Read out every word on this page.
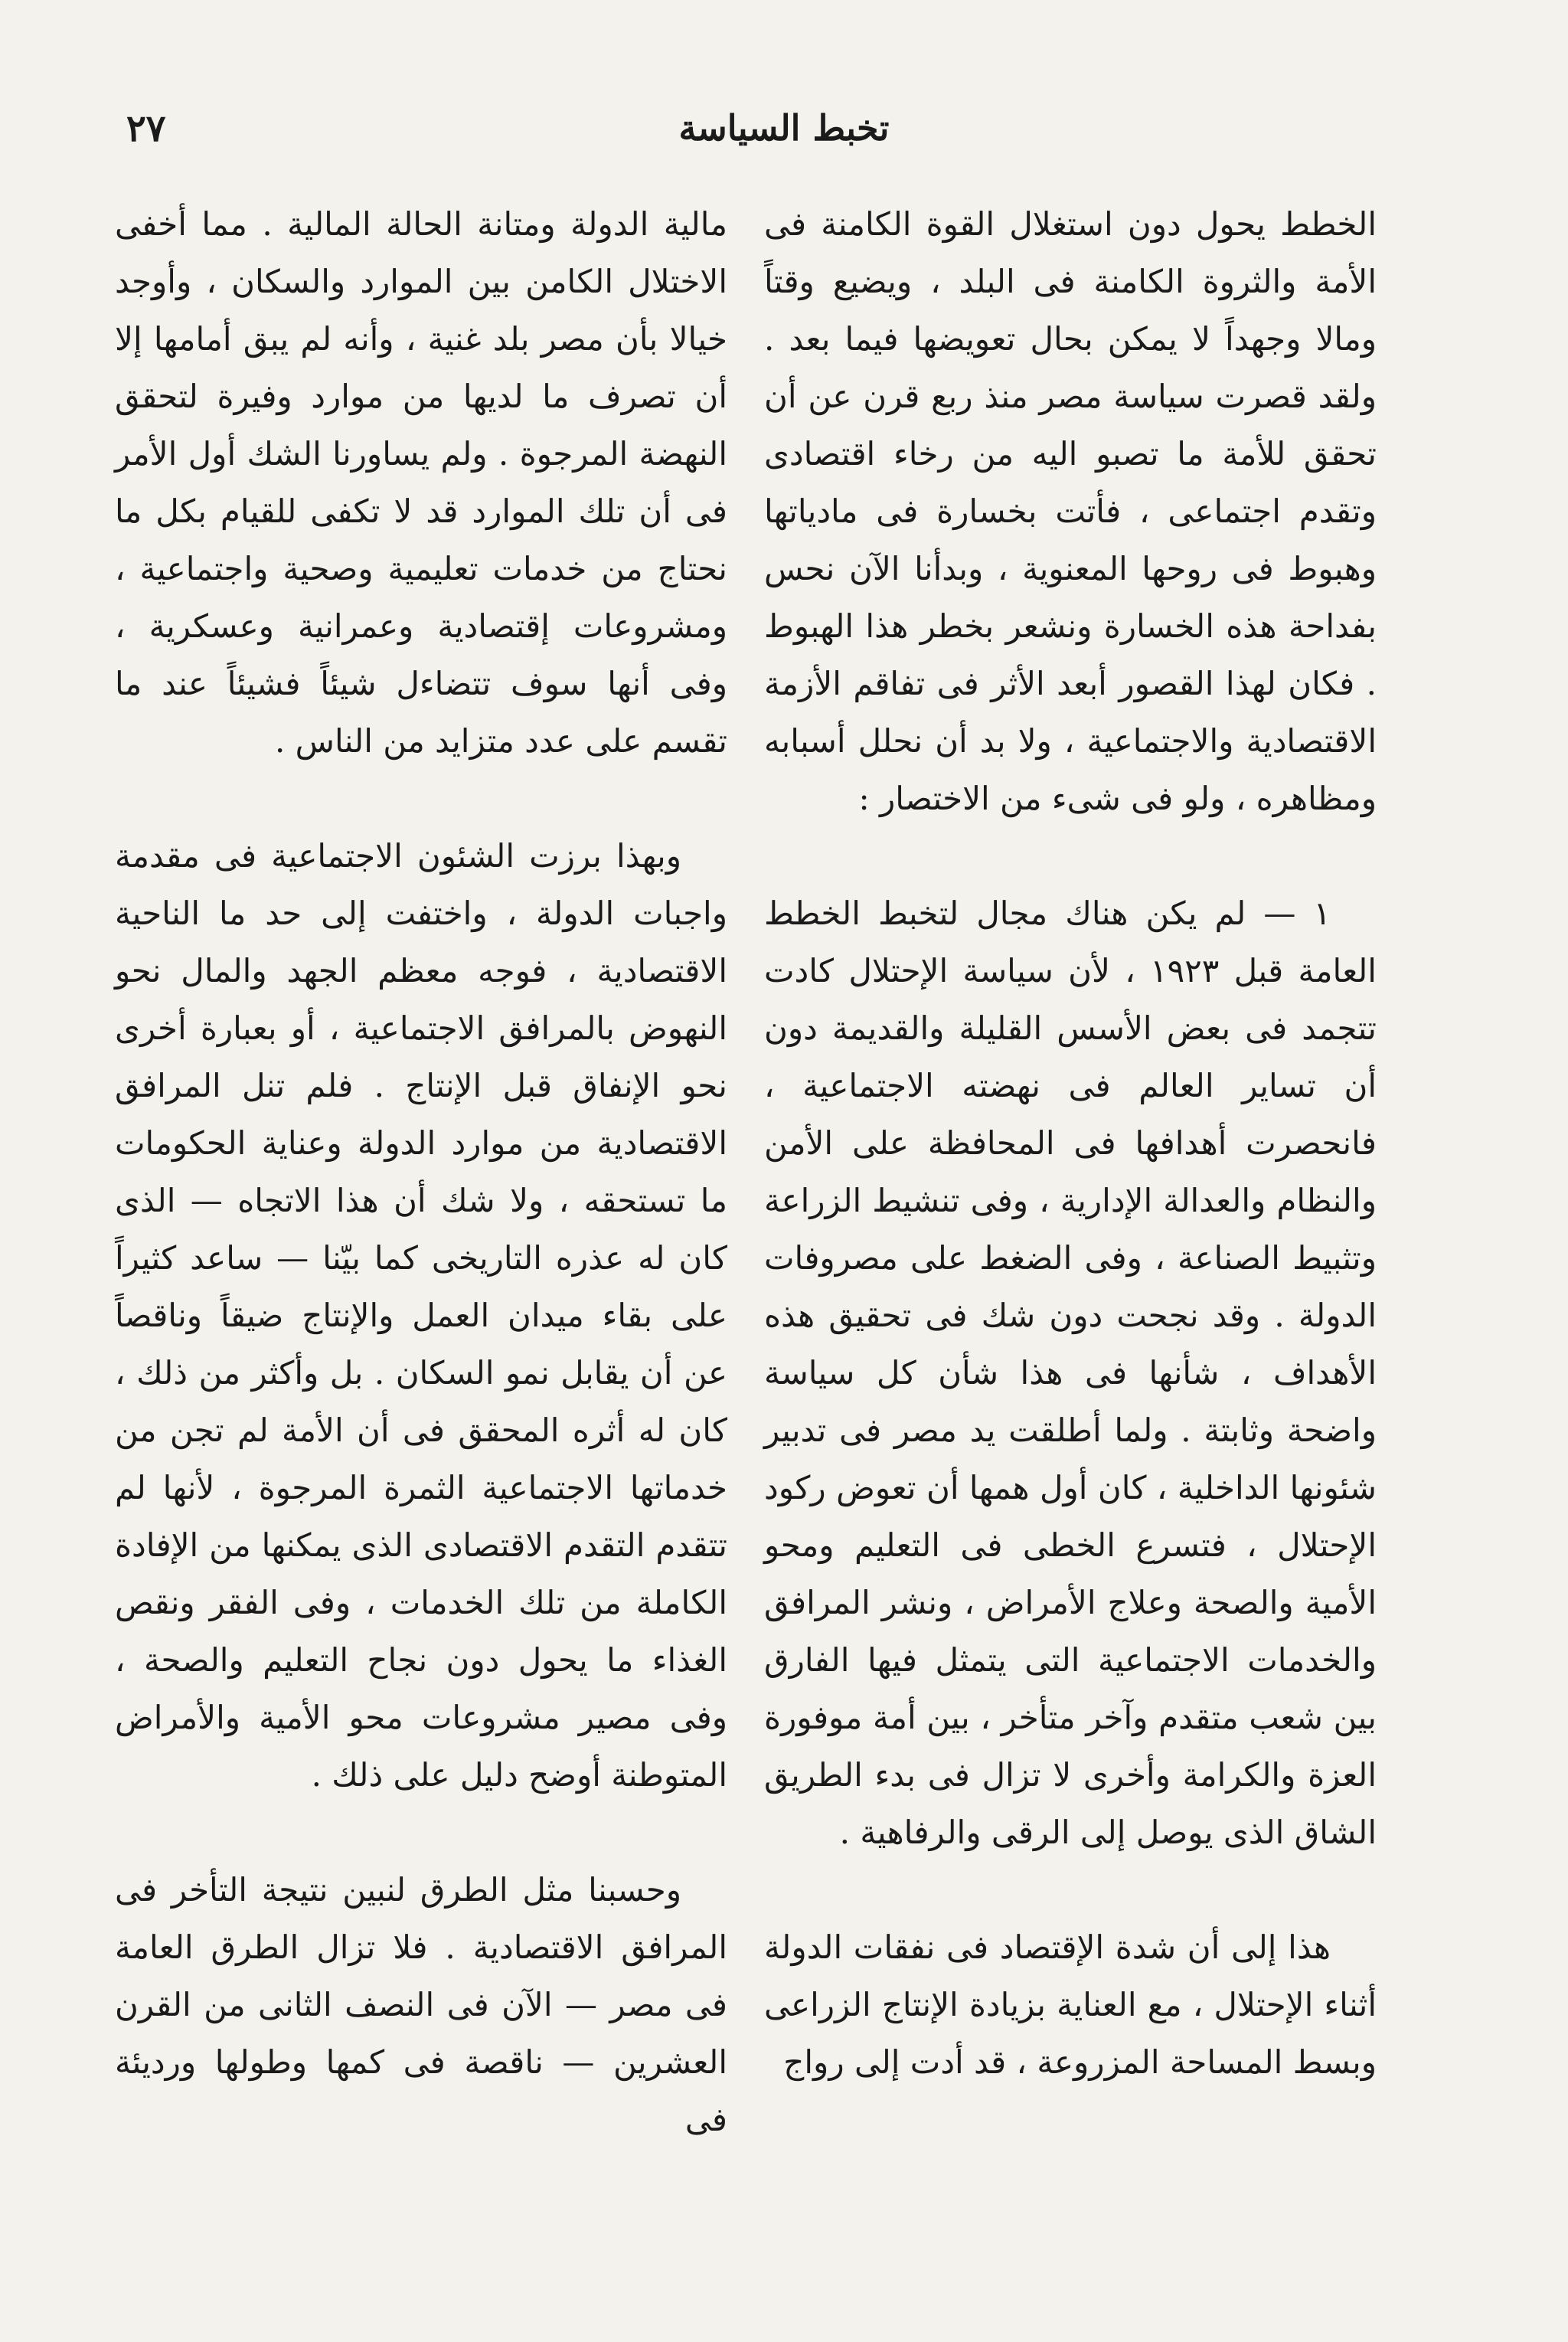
تخبط السياسة
٢٧

الخطط يحول دون استغلال القوة الكامنة فى الأمة والثروة الكامنة فى البلد ، ويضيع وقتاً ومالا وجهداً لا يمكن بحال تعويضها فيما بعد . ولقد قصرت سياسة مصر منذ ربع قرن عن أن تحقق للأمة ما تصبو اليه من رخاء اقتصادى وتقدم اجتماعى ، فأتت بخسارة فى مادياتها وهبوط فى روحها المعنوية ، وبدأنا الآن نحس بفداحة هذه الخسارة ونشعر بخطر هذا الهبوط . فكان لهذا القصور أبعد الأثر فى تفاقم الأزمة الاقتصادية والاجتماعية ، ولا بد أن نحلل أسبابه ومظاهره ، ولو فى شىء من الاختصار :

١ — لم يكن هناك مجال لتخبط الخطط العامة قبل ١٩٢٣ ، لأن سياسة الإحتلال كادت تتجمد فى بعض الأسس القليلة والقديمة دون أن تساير العالم فى نهضته الاجتماعية ، فانحصرت أهدافها فى المحافظة على الأمن والنظام والعدالة الإدارية ، وفى تنشيط الزراعة وتثبيط الصناعة ، وفى الضغط على مصروفات الدولة . وقد نجحت دون شك فى تحقيق هذه الأهداف ، شأنها فى هذا شأن كل سياسة واضحة وثابتة . ولما أطلقت يد مصر فى تدبير شئونها الداخلية ، كان أول همها أن تعوض ركود الإحتلال ، فتسرع الخطى فى التعليم ومحو الأمية والصحة وعلاج الأمراض ، ونشر المرافق والخدمات الاجتماعية التى يتمثل فيها الفارق بين شعب متقدم وآخر متأخر ، بين أمة موفورة العزة والكرامة وأخرى لا تزال فى بدء الطريق الشاق الذى يوصل إلى الرقى والرفاهية .

هذا إلى أن شدة الإقتصاد فى نفقات الدولة أثناء الإحتلال ، مع العناية بزيادة الإنتاج الزراعى وبسط المساحة المزروعة ، قد أدت إلى رواج

مالية الدولة ومتانة الحالة المالية . مما أخفى الاختلال الكامن بين الموارد والسكان ، وأوجد خيالا بأن مصر بلد غنية ، وأنه لم يبق أمامها إلا أن تصرف ما لديها من موارد وفيرة لتحقق النهضة المرجوة . ولم يساورنا الشك أول الأمر فى أن تلك الموارد قد لا تكفى للقيام بكل ما نحتاج من خدمات تعليمية وصحية واجتماعية ، ومشروعات إقتصادية وعمرانية وعسكرية ، وفى أنها سوف تتضاءل شيئاً فشيئاً عند ما تقسم على عدد متزايد من الناس .

وبهذا برزت الشئون الاجتماعية فى مقدمة واجبات الدولة ، واختفت إلى حد ما الناحية الاقتصادية ، فوجه معظم الجهد والمال نحو النهوض بالمرافق الاجتماعية ، أو بعبارة أخرى نحو الإنفاق قبل الإنتاج . فلم تنل المرافق الاقتصادية من موارد الدولة وعناية الحكومات ما تستحقه ، ولا شك أن هذا الاتجاه — الذى كان له عذره التاريخى كما بيّنا — ساعد كثيراً على بقاء ميدان العمل والإنتاج ضيقاً وناقصاً عن أن يقابل نمو السكان . بل وأكثر من ذلك ، كان له أثره المحقق فى أن الأمة لم تجن من خدماتها الاجتماعية الثمرة المرجوة ، لأنها لم تتقدم التقدم الاقتصادى الذى يمكنها من الإفادة الكاملة من تلك الخدمات ، وفى الفقر ونقص الغذاء ما يحول دون نجاح التعليم والصحة ، وفى مصير مشروعات محو الأمية والأمراض المتوطنة أوضح دليل على ذلك .

وحسبنا مثل الطرق لنبين نتيجة التأخر فى المرافق الاقتصادية . فلا تزال الطرق العامة فى مصر — الآن فى النصف الثانى من القرن العشرين — ناقصة فى كمها وطولها ورديئة فى
